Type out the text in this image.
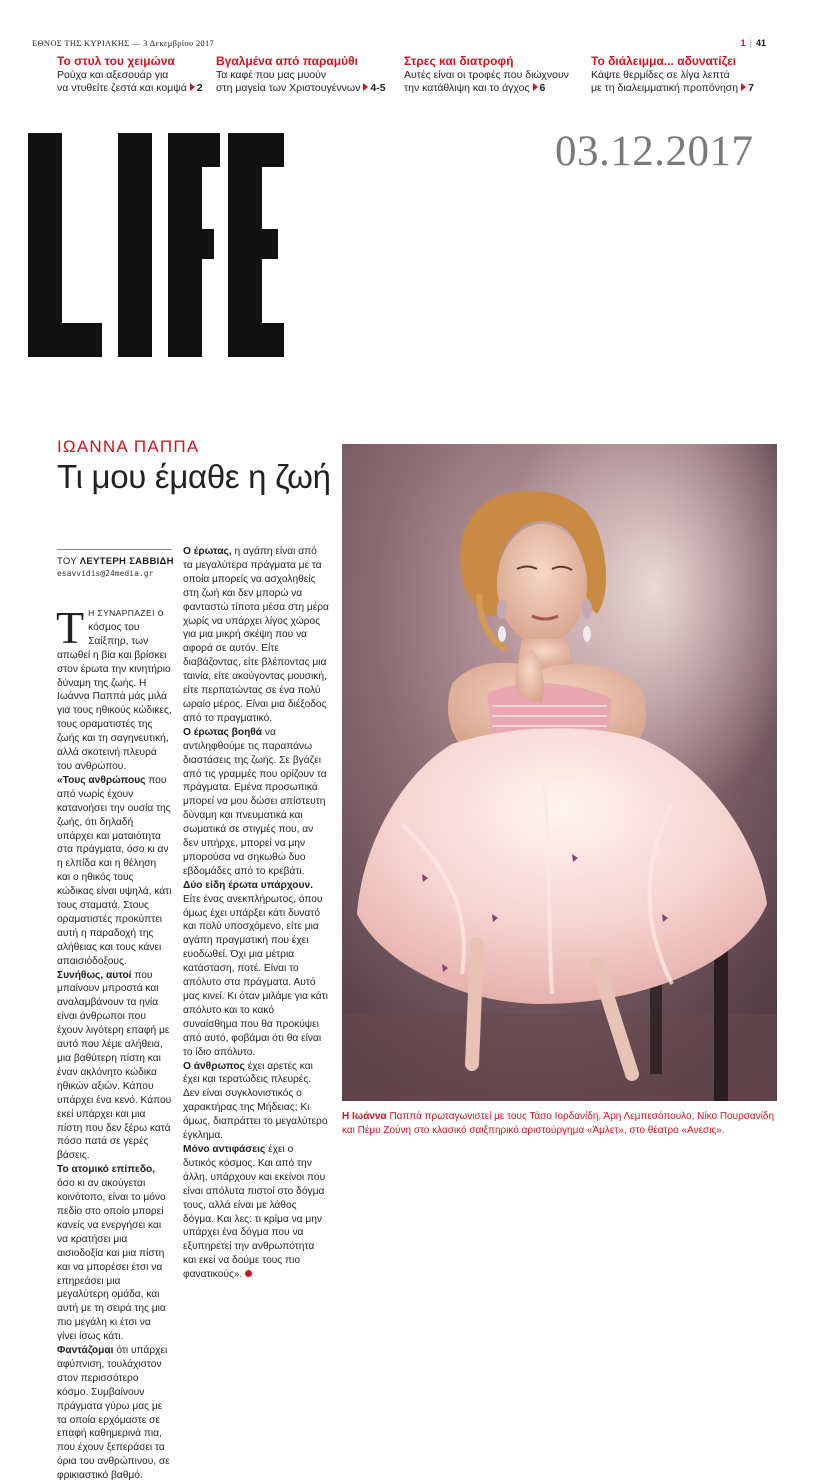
ΕΘΝΟΣ ΤΗΣ ΚΥΡΙΑΚΗΣ — 3 Δεκεμβρίου 2017	1 | 41
Το στυλ του χειμώνα
Ρούχα και αξεσουάρ για
να ντυθείτε ζεστά και κομψά 2
Βγαλμένα από παραμύθι
Τα καφέ που μας μυούν
στη μαγεία των Χριστουγέννων 4-5
Στρες και διατροφή
Αυτές είναι οι τροφές που διώχνουν
την κατάθλιψη και το άγχος 6
Το διάλειμμα... αδυνατίζει
Κάψτε θερμίδες σε λίγα λεπτά
με τη διαλειμματική προπόνηση 7
03.12.2017
ΙΩΑΝΝΑ ΠΑΠΠΑ
Τι μου έμαθε η ζωή
ΤΟΥ ΛΕΥΤΕΡΗ ΣΑΒΒΙΔΗ
esavvidis@24media.gr

Τ Η ΣΥΝΑΡΠΑΖΕΙ ο κόσμος του Σαίξπηρ, των απωθεί η βία και βρίσκει στον έρωτα την κινητήριο δύναμη της ζωής. Η Ιωάννα Παππά μάς μιλά για τους ηθικούς κώδικες, τους οραματιστές της ζωής και τη σαγηνευτική, αλλά σκοτεινή πλευρά του ανθρώπου.

«Τους ανθρώπους που από νωρίς έχουν κατανοήσει την ουσία της ζωής, ότι δηλαδή υπάρχει και ματαιότητα στα πράγματα, όσο κι αν η ελπίδα και η θέληση και ο ηθικός τους κώδικας είναι υψηλά, κάτι τους σταματά. Στους οραματιστές προκύπτει αυτή η παραδοχή της αλήθειας και τους κάνει απαισιόδοξους.

Συνήθως, αυτοί που μπαίνουν μπροστά και αναλαμβάνουν τα ηνία είναι άνθρωποι που έχουν λιγότερη επαφή με αυτό που λέμε αλήθεια, μια βαθύτερη πίστη και έναν ακλόνητο κώδικα ηθικών αξιών. Κάπου υπάρχει ένα κενό. Κάπου εκεί υπάρχει και μια πίστη που δεν ξέρω κατά πόσο πατά σε γερές βάσεις.

Το ατομικό επίπεδο, όσο κι αν ακούγεται κοινότοπο, είναι το μόνο πεδίο στο οποίο μπορεί κανείς να ενεργήσει και να κρατήσει μια αισιοδοξία και μια πίστη και να μπορέσει έτσι να επηρεάσει μια μεγαλύτερη ομάδα, και αυτή με τη σειρά της μια πιο μεγάλη κι έτσι να γίνει ίσως κάτι.

Φαντάζομαι ότι υπάρχει αφύπνιση, τουλάχιστον στον περισσότερο κόσμο. Συμβαίνουν πράγματα γύρω μας με τα οποία ερχόμαστε σε επαφή καθημερινά πια, που έχουν ξεπεράσει τα όρια του ανθρώπινου, σε φρικιαστικό βαθμό.

Ο έρωτας, η αγάπη είναι από τα μεγαλύτερα πράγματα με τα οποία μπορείς να ασχοληθείς στη ζωή και δεν μπορώ να φανταστώ τίποτα μέσα στη μέρα χωρίς να υπάρχει λίγος χώρος για μια μικρή σκέψη που να αφορά σε αυτόν. Είτε διαβάζοντας, είτε βλέποντας μια ταινία, είτε ακούγοντας μουσική, είτε περπατώντας σε ένα πολύ ωραίο μέρος. Είναι μια διέξοδος από το πραγματικό.

Ο έρωτας βοηθά να αντιληφθούμε τις παραπάνω διαστάσεις της ζωής. Σε βγάζει από τις γραμμές που ορίζουν τα πράγματα. Εμένα προσωπικά μπορεί να μου δώσει απίστευτη δύναμη και πνευματικά και σωματικά σε στιγμές που, αν δεν υπήρχε, μπορεί να μην μπορούσα να σηκωθώ δυο εβδομάδες από το κρεβάτι.

Δύο είδη έρωτα υπάρχουν. Είτε ένας ανεκπλήρωτος, όπου όμως έχει υπάρξει κάτι δυνατό και πολύ υποσχόμενο, είτε μια αγάπη πραγματική που έχει ευοδωθεί. Όχι μια μέτρια κατάσταση, ποτέ. Είναι το απόλυτο στα πράγματα. Αυτό μας κινεί. Κι όταν μιλάμε για κάτι απόλυτο και το κακό συναίσθημα που θα προκύψει από αυτό, φοβάμαι ότι θα είναι το ίδιο απόλυτο.

Ο άνθρωπος έχει αρετές και έχει και τερατώδεις πλευρές. Δεν είναι συγκλονιστικός ο χαρακτήρας της Μήδειας; Κι όμως, διαπράττει το μεγαλύτερο έγκλημα.

Μόνο αντιφάσεις έχει ο δυτικός κόσμος. Και από την άλλη, υπάρχουν και εκείνοι που είναι απόλυτα πιστοί στο δόγμα τους, αλλά είναι με λάθος δόγμα. Και λες: τι κρίμα να μην υπάρχει ένα δόγμα που να εξυπηρετεί την ανθρωπότητα και εκεί να δούμε τους πιο φανατικούς».

Η Ιωάννα Παππά πρωταγωνιστεί με τους Τάσο Ιορδανίδη, Άρη Λεμπεσόπουλο, Νίκο Πουρσανίδη και Πέμυ Ζούνη στο κλασικό σαιξπηρικό αριστούργημα «Άμλετ», στο θέατρο «Ανεσις».
